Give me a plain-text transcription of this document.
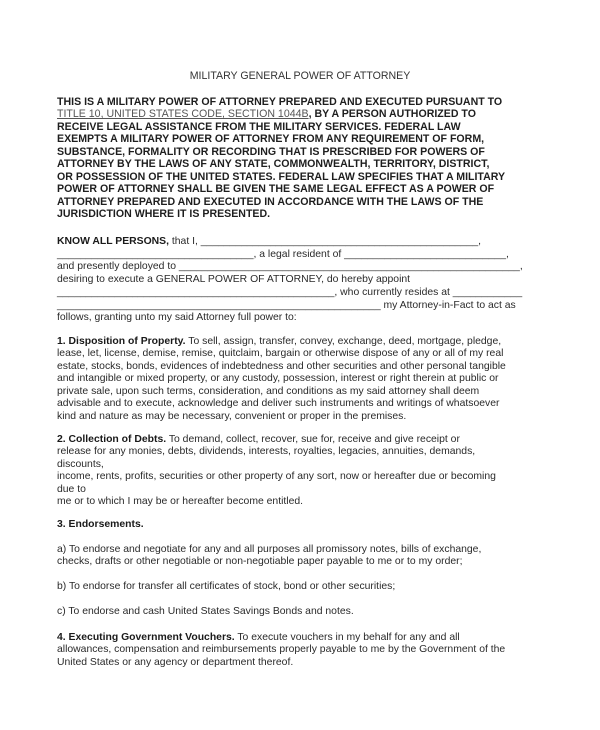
MILITARY GENERAL POWER OF ATTORNEY
THIS IS A MILITARY POWER OF ATTORNEY PREPARED AND EXECUTED PURSUANT TO
TITLE 10, UNITED STATES CODE, SECTION 1044B, BY A PERSON AUTHORIZED TO
RECEIVE LEGAL ASSISTANCE FROM THE MILITARY SERVICES. FEDERAL LAW
EXEMPTS A MILITARY POWER OF ATTORNEY FROM ANY REQUIREMENT OF FORM,
SUBSTANCE, FORMALITY OR RECORDING THAT IS PRESCRIBED FOR POWERS OF
ATTORNEY BY THE LAWS OF ANY STATE, COMMONWEALTH, TERRITORY, DISTRICT,
OR POSSESSION OF THE UNITED STATES. FEDERAL LAW SPECIFIES THAT A MILITARY
POWER OF ATTORNEY SHALL BE GIVEN THE SAME LEGAL EFFECT AS A POWER OF
ATTORNEY PREPARED AND EXECUTED IN ACCORDANCE WITH THE LAWS OF THE
JURISDICTION WHERE IT IS PRESENTED.
KNOW ALL PERSONS, that I, ________________________________________________,
__________________________________, a legal resident of ____________________________,
and presently deployed to ___________________________________________________________,
desiring to execute a GENERAL POWER OF ATTORNEY, do hereby appoint
________________________________________________, who currently resides at ____________
________________________________________________________ my Attorney-in-Fact to act as
follows, granting unto my said Attorney full power to:
1. Disposition of Property. To sell, assign, transfer, convey, exchange, deed, mortgage, pledge,
lease, let, license, demise, remise, quitclaim, bargain or otherwise dispose of any or all of my real
estate, stocks, bonds, evidences of indebtedness and other securities and other personal tangible
and intangible or mixed property, or any custody, possession, interest or right therein at public or
private sale, upon such terms, consideration, and conditions as my said attorney shall deem
advisable and to execute, acknowledge and deliver such instruments and writings of whatsoever
kind and nature as may be necessary, convenient or proper in the premises.
2. Collection of Debts. To demand, collect, recover, sue for, receive and give receipt or
release for any monies, debts, dividends, interests, royalties, legacies, annuities, demands,
discounts,
income, rents, profits, securities or other property of any sort, now or hereafter due or becoming
due to
me or to which I may be or hereafter become entitled.
3. Endorsements.
a) To endorse and negotiate for any and all purposes all promissory notes, bills of exchange,
checks, drafts or other negotiable or non-negotiable paper payable to me or to my order;
b) To endorse for transfer all certificates of stock, bond or other securities;
c) To endorse and cash United States Savings Bonds and notes.
4. Executing Government Vouchers. To execute vouchers in my behalf for any and all
allowances, compensation and reimbursements properly payable to me by the Government of the
United States or any agency or department thereof.
